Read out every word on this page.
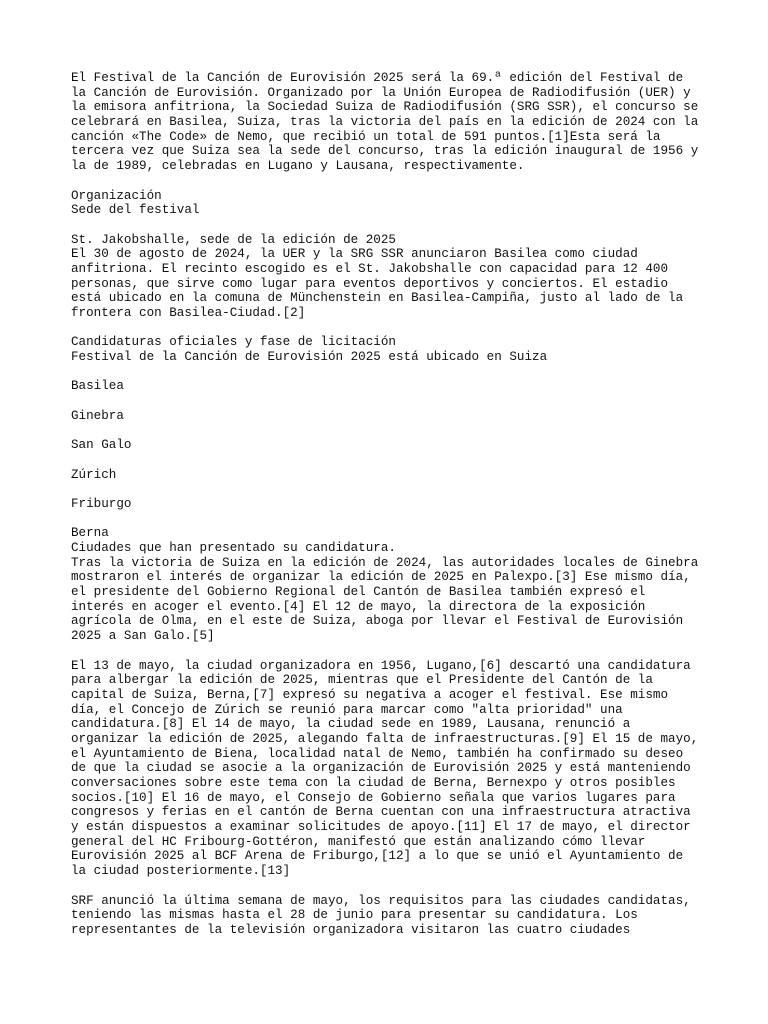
El Festival de la Canción de Eurovisión 2025 será la 69.ª edición del Festival de
la Canción de Eurovisión. Organizado por la Unión Europea de Radiodifusión (UER) y
la emisora anfitriona, la Sociedad Suiza de Radiodifusión (SRG SSR), el concurso se
celebrará en Basilea, Suiza, tras la victoria del país en la edición de 2024 con la
canción «The Code» de Nemo, que recibió un total de 591 puntos.[1]Esta será la
tercera vez que Suiza sea la sede del concurso, tras la edición inaugural de 1956 y
la de 1989, celebradas en Lugano y Lausana, respectivamente.
Organización
Sede del festival
St. Jakobshalle, sede de la edición de 2025
El 30 de agosto de 2024, la UER y la SRG SSR anunciaron Basilea como ciudad
anfitriona. El recinto escogido es el St. Jakobshalle con capacidad para 12 400
personas, que sirve como lugar para eventos deportivos y conciertos. El estadio
está ubicado en la comuna de Münchenstein en Basilea-Campiña, justo al lado de la
frontera con Basilea-Ciudad.[2]
Candidaturas oficiales y fase de licitación
Festival de la Canción de Eurovisión 2025 está ubicado en Suiza
Basilea
Ginebra
San Galo
Zúrich
Friburgo
Berna
Ciudades que han presentado su candidatura.
Tras la victoria de Suiza en la edición de 2024, las autoridades locales de Ginebra
mostraron el interés de organizar la edición de 2025 en Palexpo.[3] Ese mismo día,
el presidente del Gobierno Regional del Cantón de Basilea también expresó el
interés en acoger el evento.[4] El 12 de mayo, la directora de la exposición
agrícola de Olma, en el este de Suiza, aboga por llevar el Festival de Eurovisión
2025 a San Galo.[5]
El 13 de mayo, la ciudad organizadora en 1956, Lugano,[6] descartó una candidatura
para albergar la edición de 2025, mientras que el Presidente del Cantón de la
capital de Suiza, Berna,[7] expresó su negativa a acoger el festival. Ese mismo
día, el Concejo de Zúrich se reunió para marcar como "alta prioridad" una
candidatura.[8] El 14 de mayo, la ciudad sede en 1989, Lausana, renunció a
organizar la edición de 2025, alegando falta de infraestructuras.[9] El 15 de mayo,
el Ayuntamiento de Biena, localidad natal de Nemo, también ha confirmado su deseo
de que la ciudad se asocie a la organización de Eurovisión 2025 y está manteniendo
conversaciones sobre este tema con la ciudad de Berna, Bernexpo y otros posibles
socios.[10] El 16 de mayo, el Consejo de Gobierno señala que varios lugares para
congresos y ferias en el cantón de Berna cuentan con una infraestructura atractiva
y están dispuestos a examinar solicitudes de apoyo.[11] El 17 de mayo, el director
general del HC Fribourg-Gottéron, manifestó que están analizando cómo llevar
Eurovisión 2025 al BCF Arena de Friburgo,[12] a lo que se unió el Ayuntamiento de
la ciudad posteriormente.[13]
SRF anunció la última semana de mayo, los requisitos para las ciudades candidatas,
teniendo las mismas hasta el 28 de junio para presentar su candidatura. Los
representantes de la televisión organizadora visitaron las cuatro ciudades
